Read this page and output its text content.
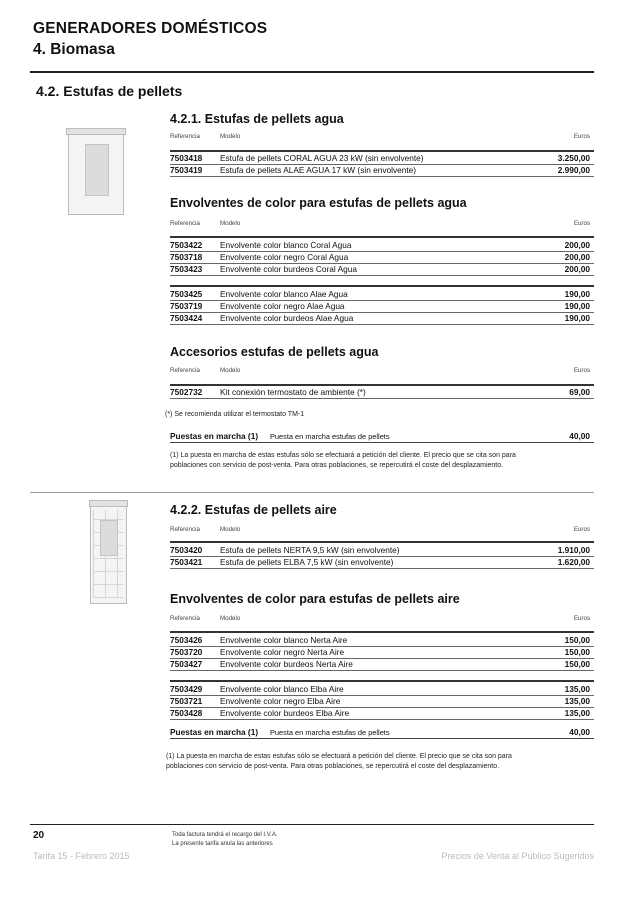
GENERADORES DOMÉSTICOS
4. Biomasa
4.2. Estufas de pellets
4.2.1. Estufas de pellets agua
Referencia	Modelo	Euros
7503418 Estufa de pellets CORAL AGUA 23 kW (sin envolvente)	3.250,00
7503419 Estufa de pellets ALAE AGUA 17 kW (sin envolvente)	2.990,00
Envolventes de color para estufas de pellets agua
Referencia	Modelo	Euros
7503422 Envolvente color blanco Coral Agua	200,00
7503718 Envolvente color negro Coral Agua	200,00
7503423 Envolvente color burdeos Coral Agua	200,00
7503425 Envolvente color blanco Alae Agua	190,00
7503719 Envolvente color negro Alae Agua	190,00
7503424 Envolvente color burdeos Alae Agua	190,00
Accesorios estufas de pellets agua
Referencia	Modelo	Euros
7502732 Kit conexión termostato de ambiente (*)	69,00
(*) Se recomienda utilizar el termostato TM-1
Puestas en marcha (1) Puesta en marcha estufas de pellets	40,00
(1) La puesta en marcha de estas estufas sólo se efectuará a petición del cliente. El precio que se cita son para
poblaciones con servicio de post-venta. Para otras poblaciones, se repercutirá el coste del desplazamiento.
4.2.2. Estufas de pellets aire
Referencia	Modelo	Euros
7503420 Estufa de pellets NERTA 9,5 kW (sin envolvente)	1.910,00
7503421 Estufa de pellets ELBA 7,5 kW (sin envolvente)	1.620,00
Envolventes de color para estufas de pellets aire
Referencia	Modelo	Euros
7503426 Envolvente color blanco Nerta Aire	150,00
7503720 Envolvente color negro Nerta Aire	150,00
7503427 Envolvente color burdeos Nerta Aire	150,00
7503429 Envolvente color blanco Elba Aire	135,00
7503721 Envolvente color negro Elba Aire	135,00
7503428 Envolvente color burdeos Elba Aire	135,00
Puestas en marcha (1) Puesta en marcha estufas de pellets	40,00
(1) La puesta en marcha de estas estufas sólo se efectuará a petición del cliente. El precio que se cita son para
poblaciones con servicio de post-venta. Para otras poblaciones, se repercutirá el coste del desplazamiento.
20	Toda factura tendrá el recargo del I.V.A.
La presente tarifa anula las anteriores
Tarifa 15 - Febrero 2015	Precios de Venta al Público Sugeridos
